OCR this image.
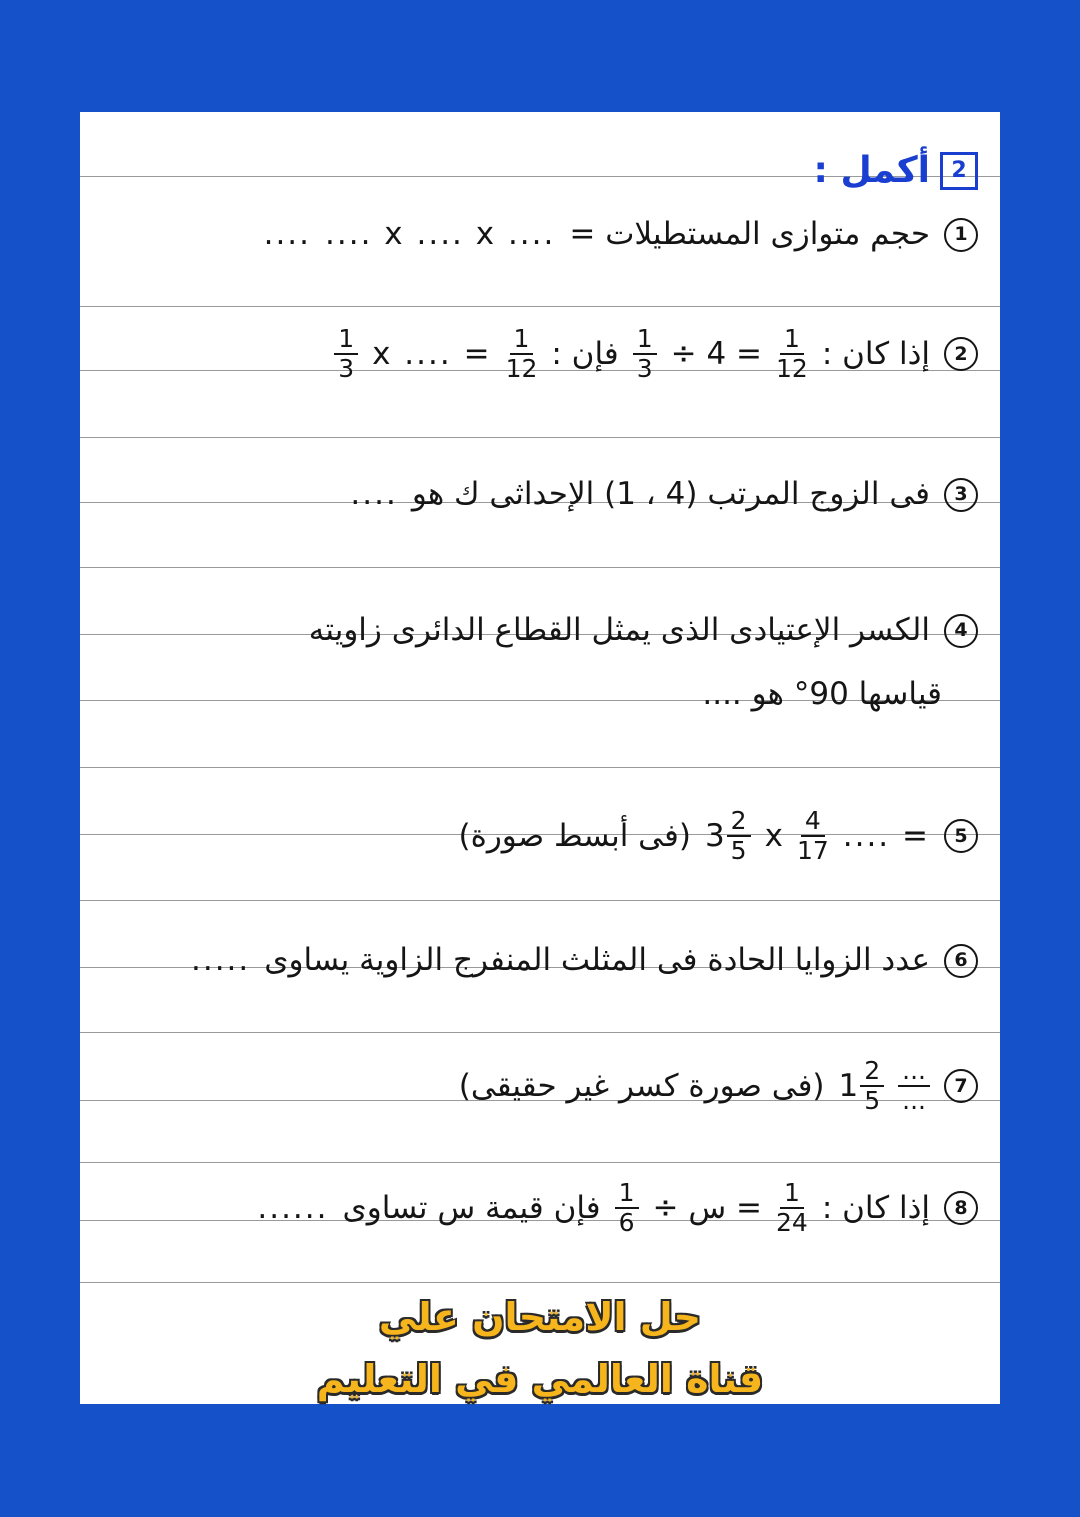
2
أكمل :
1
حجم متوازى المستطيلات =
.... x .... x ....
....
2
إذا كان :
$\frac{1}{12}$
= 4 ÷
$\frac{1}{3}$
فإن :
$\frac{1}{12}$
= .... x
$\frac{1}{3}$
3
فى الزوج المرتب (4 ، 1) الإحداثى ك هو
....
4
الكسر الإعتيادى الذى يمثل القطاع الدائرى زاويته
قياسها 90° هو ....
5
= ....
$\frac{4}{17}$
x
$3 \frac{2}{5}$
(فى أبسط صورة)
6
عدد الزوايا الحادة فى المثلث المنفرج الزاوية يساوى
.....
7
$\frac{...}{...}$
$1 \frac{2}{5}$
(فى صورة كسر غير حقيقى)
8
إذا كان :
$\frac{1}{24}$
= س ÷
$\frac{1}{6}$
فإن قيمة س تساوى
......
حل الامتحان علي
قناة العالمي في التعليم
